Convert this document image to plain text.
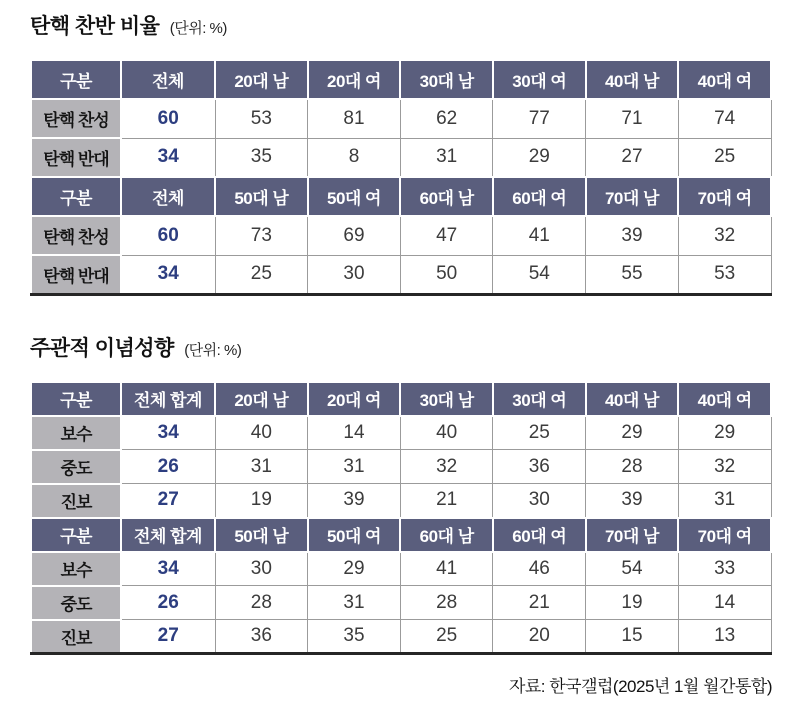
탄핵 찬반 비율 (단위: %)
구분	전체	20대 남	20대 여	30대 남	30대 여	40대 남	40대 여
탄핵 찬성	60	53	81	62	77	71	74
탄핵 반대	34	35	8	31	29	27	25
구분	전체	50대 남	50대 여	60대 남	60대 여	70대 남	70대 여
탄핵 찬성	60	73	69	47	41	39	32
탄핵 반대	34	25	30	50	54	55	53
주관적 이념성향 (단위: %)
구분	전체 합계	20대 남	20대 여	30대 남	30대 여	40대 남	40대 여
보수	34	40	14	40	25	29	29
중도	26	31	31	32	36	28	32
진보	27	19	39	21	30	39	31
구분	전체 합계	50대 남	50대 여	60대 남	60대 여	70대 남	70대 여
보수	34	30	29	41	46	54	33
중도	26	28	31	28	21	19	14
진보	27	36	35	25	20	15	13
자료: 한국갤럽(2025년 1월 월간통합)
